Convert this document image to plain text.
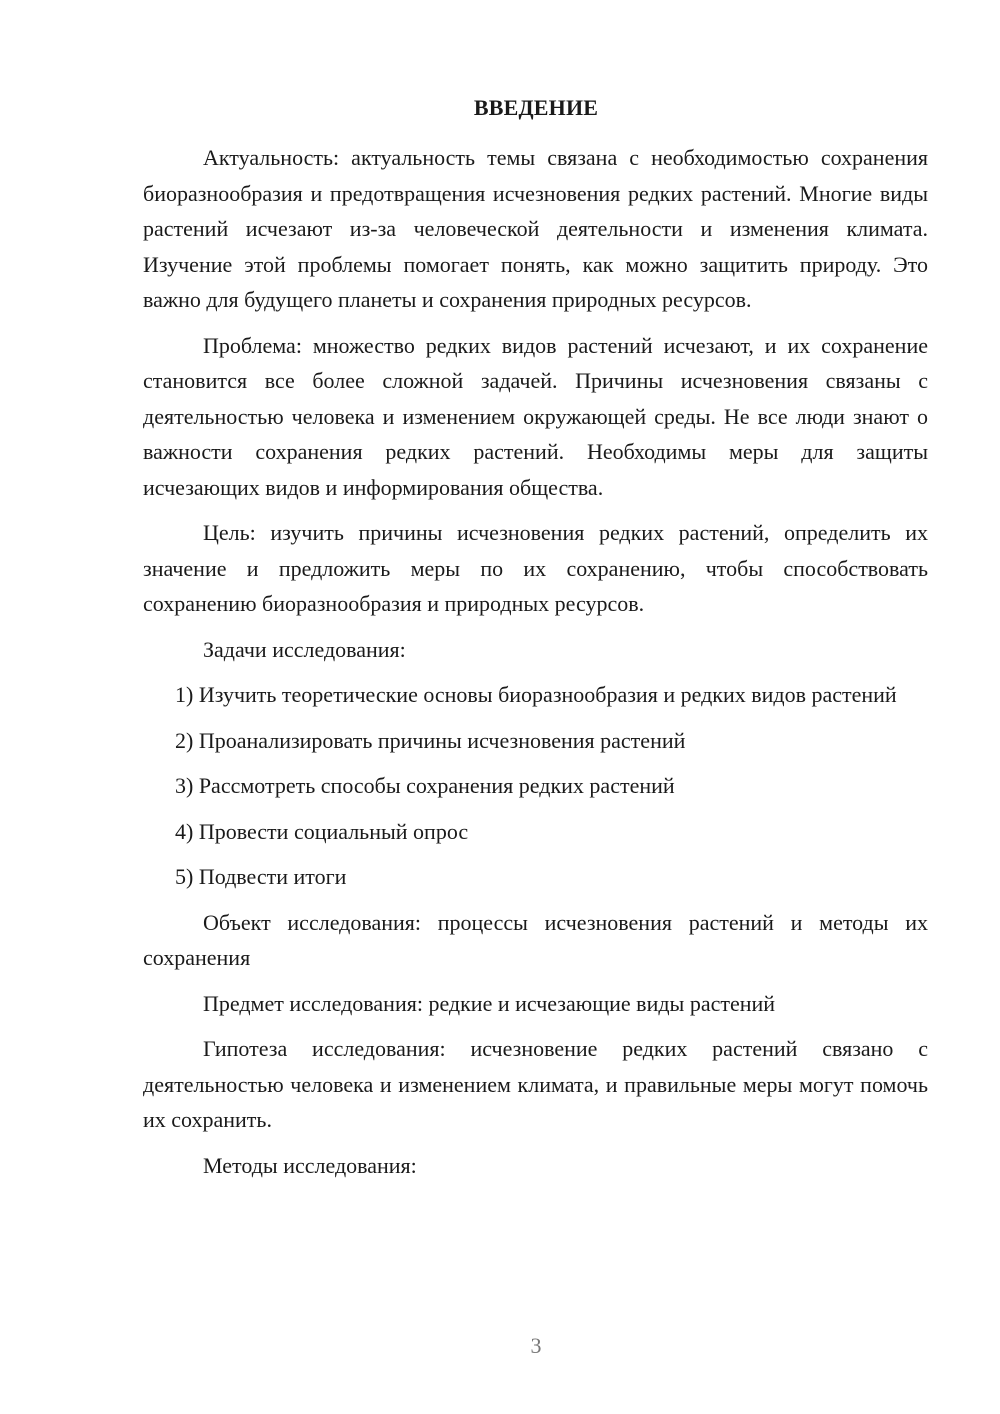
ВВЕДЕНИЕ

Актуальность: актуальность темы связана с необходимостью сохранения биоразнообразия и предотвращения исчезновения редких растений. Многие виды растений исчезают из-за человеческой деятельности и изменения климата. Изучение этой проблемы помогает понять, как можно защитить природу. Это важно для будущего планеты и сохранения природных ресурсов.

Проблема: множество редких видов растений исчезают, и их сохранение становится все более сложной задачей. Причины исчезновения связаны с деятельностью человека и изменением окружающей среды. Не все люди знают о важности сохранения редких растений. Необходимы меры для защиты исчезающих видов и информирования общества.

Цель: изучить причины исчезновения редких растений, определить их значение и предложить меры по их сохранению, чтобы способствовать сохранению биоразнообразия и природных ресурсов.

Задачи исследования:

1) Изучить теоретические основы биоразнообразия и редких видов растений

2) Проанализировать причины исчезновения растений

3) Рассмотреть способы сохранения редких растений

4) Провести социальный опрос

5) Подвести итоги

Объект исследования: процессы исчезновения растений и методы их сохранения

Предмет исследования: редкие и исчезающие виды растений

Гипотеза исследования: исчезновение редких растений связано с деятельностью человека и изменением климата, и правильные меры могут помочь их сохранить.

Методы исследования:

3
